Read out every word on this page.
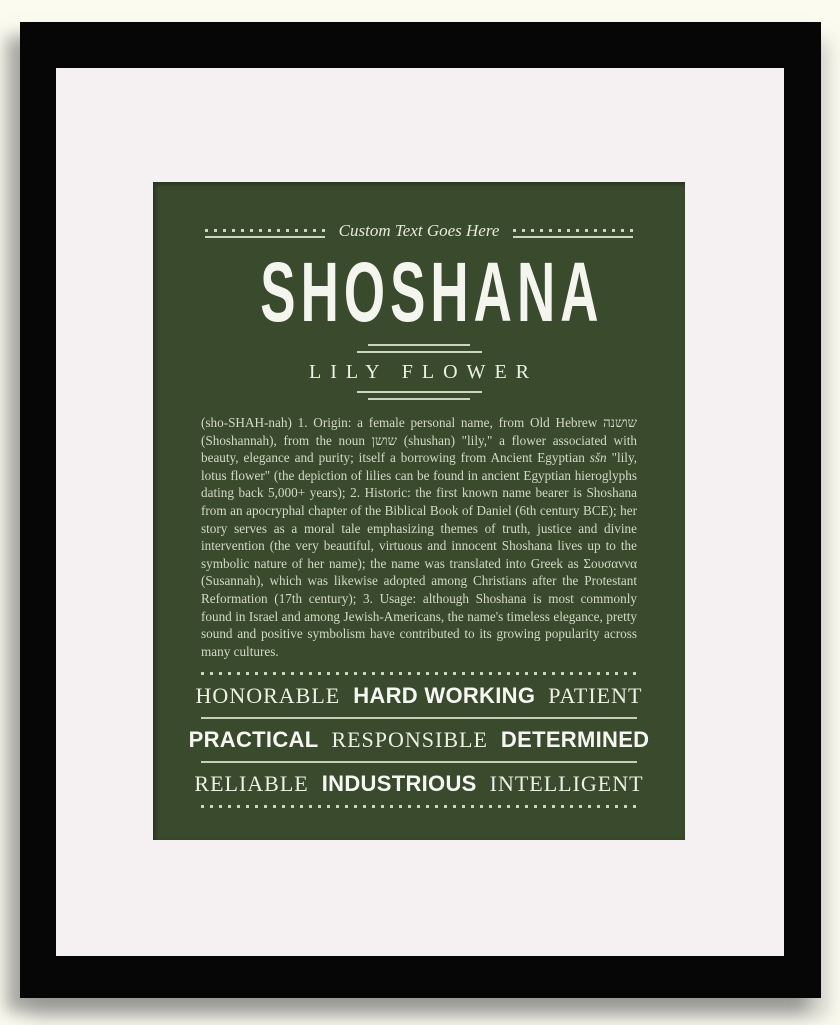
Custom Text Goes Here
SHOSHANA
LILY FLOWER

(sho-SHAH-nah) 1. Origin: a female personal name, from Old Hebrew שושנה (Shoshannah), from the noun שושן (shushan) "lily," a flower associated with beauty, elegance and purity; itself a borrowing from Ancient Egyptian sšn "lily, lotus flower" (the depiction of lilies can be found in ancient Egyptian hieroglyphs dating back 5,000+ years); 2. Historic: the first known name bearer is Shoshana from an apocryphal chapter of the Biblical Book of Daniel (6th century BCE); her story serves as a moral tale emphasizing themes of truth, justice and divine intervention (the very beautiful, virtuous and innocent Shoshana lives up to the symbolic nature of her name); the name was translated into Greek as Σουσαννα (Susannah), which was likewise adopted among Christians after the Protestant Reformation (17th century); 3. Usage: although Shoshana is most commonly found in Israel and among Jewish-Americans, the name's timeless elegance, pretty sound and positive symbolism have contributed to its growing popularity across many cultures.

HONORABLE HARD WORKING PATIENT
PRACTICAL RESPONSIBLE DETERMINED
RELIABLE INDUSTRIOUS INTELLIGENT
